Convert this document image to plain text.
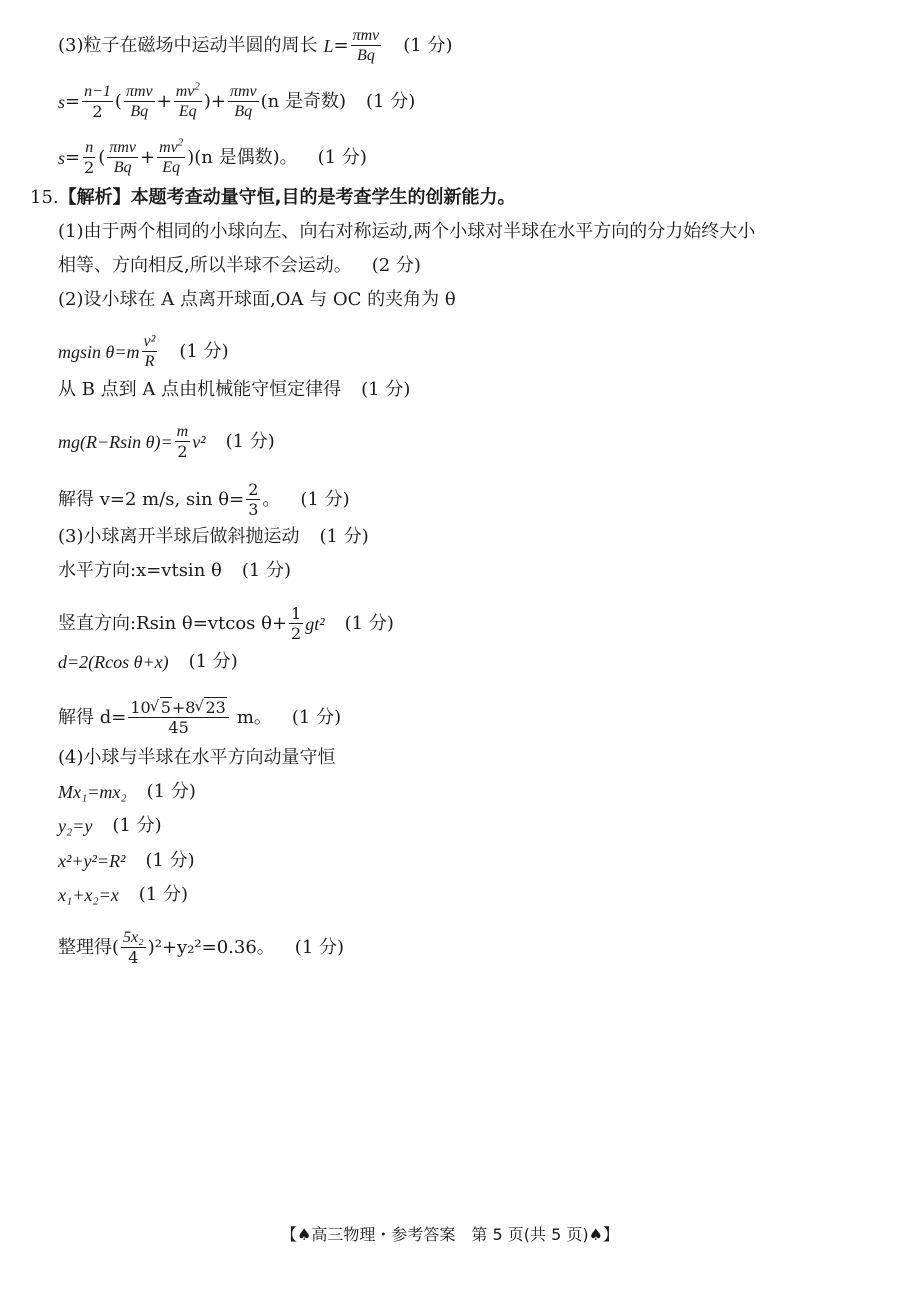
(3)粒子在磁场中运动半圆的周长 $L = \frac{\text{πmv}}{Bq} (1$ 分)
$s = \frac{n-1}{2}$ ( $\frac{\text{πmv}}{Bq} + \frac{mv^2}{Eq}$ )+ $\frac{\text{πmv}}{Bq} (n$ 是奇数) (1 分)
$s = \frac{n}{2}$ ( $\frac{\text{πmv}}{Bq} + \frac{mv^2}{Eq}$ ) (n 是偶数)。 (1 分)
15.【解析】本题考查动量守恒,目的是考查学生的创新能力。
(1)由于两个相同的小球向左、向右对称运动,两个小球对半球在水平方向的分力始终大小
相等、方向相反,所以半球不会运动。 (2 分)
(2)设小球在 A 点离开球面,OA 与 OC 的夹角为 θ
mgsin $\theta=m \frac{\text{v²}}{R} (1$ 分)
从 B 点到 A 点由机械能守恒定律得 (1 分)
mg(R−Rsin $\theta)= \frac{m}{2} v^2$ (1 分)
解得 v=2 m/s, $\sin \theta= \frac{2}{3}$ 。 (1 分)
(3)小球离开半球后做斜抛运动 (1 分)
水平方向:x=vtsin θ (1 分)
竖直方向:Rsin θ=vtcos $\theta+ \frac{1}{2} gt^2$ (1 分)
d=2(Rcos θ+x) (1 分)
解得 $d= \frac{10 √ 5+8 √ 23}{45}$ m。 (1 分)
(4)小球与半球在水平方向动量守恒
Mx₁=mx₂ (1 分)
y₂=y (1 分)
x²+y²=R² (1 分)
x₁+x₂=x (1 分)
整理得( $\frac{\text{5x₂}}{4} )^2+y_2^2=0.36$。 (1 分)
【♠高三物理・参考答案　第 5 页(共 5 页)♠】
